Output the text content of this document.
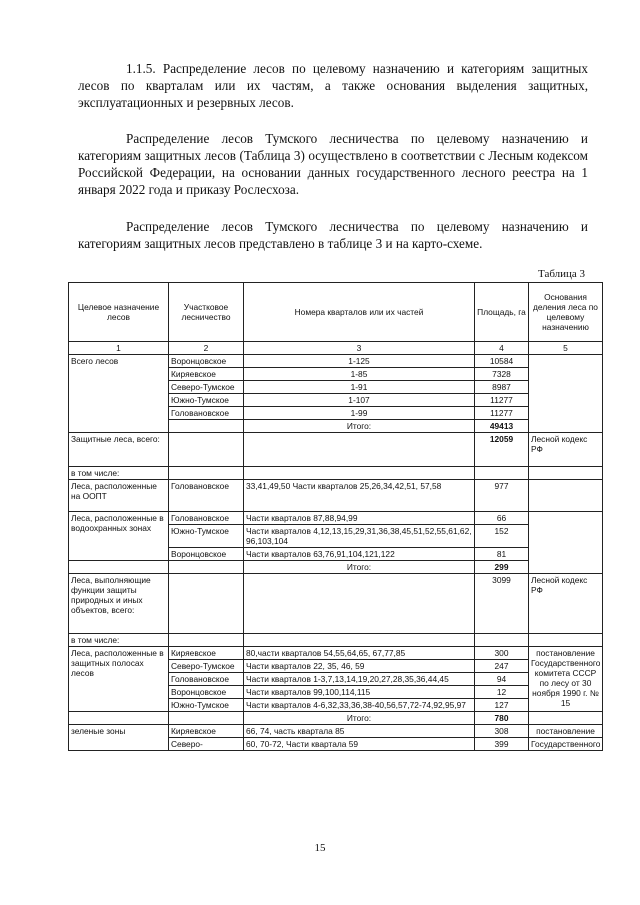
1.1.5. Распределение лесов по целевому назначению и категориям защитных лесов по кварталам или их частям, а также основания выделения защитных, эксплуатационных и резервных лесов.
Распределение лесов Тумского лесничества по целевому назначению и категориям защитных лесов (Таблица 3) осуществлено в соответствии с Лесным кодексом Российской Федерации, на основании данных государственного лесного реестра на 1 января 2022 года и приказу Рослесхоза.
Распределение лесов Тумского лесничества по целевому назначению и категориям защитных лесов представлено в таблице 3 и на карто-схеме.
Таблица 3
Целевое назначение лесов	Участковое лесничество	Номера кварталов или их частей	Площадь, га	Основания деления леса по целевому назначению
1	2	3	4	5
Всего лесов	Воронцовское	1-125	10584	
	Киряевское	1-85	7328	
	Северо-Тумское	1-91	8987	
	Южно-Тумское	1-107	11277	
	Головановское	1-99	11277	
		Итого:	49413	
Защитные леса, всего:			12059	Лесной кодекс РФ
в том числе:				
Леса, расположенные на ООПТ	Головановское	33,41,49,50 Части кварталов 25,26,34,42,51, 57,58	977	
Леса, расположенные в водоохранных зонах	Головановское	Части кварталов 87,88,94,99	66	
	Южно-Тумское	Части кварталов 4,12,13,15,29,31,36,38,45,51,52,55,61,62, 96,103,104	152	
	Воронцовское	Части кварталов 63,76,91,104,121,122	81	
		Итого:	299	
Леса, выполняющие функции защиты природных и иных объектов, всего:			3099	Лесной кодекс РФ
в том числе:				
Леса, расположенные в защитных полосах лесов	Киряевское	80,части кварталов 54,55,64,65, 67,77,85	300	постановление Государственного комитета СССР по лесу от 30 ноября 1990 г. № 15
	Северо-Тумское	Части кварталов 22, 35, 46, 59	247	
	Головановское	Части кварталов 1-3,7,13,14,19,20,27,28,35,36,44,45	94	
	Воронцовское	Части кварталов 99,100,114,115	12	
	Южно-Тумское	Части кварталов 4-6,32,33,36,38-40,56,57,72-74,92,95,97	127	
		Итого:	780	
зеленые зоны	Киряевское	66, 74, часть квартала 85	308	постановление
	Северо-	60, 70-72, Части квартала 59	399	Государственного
15
